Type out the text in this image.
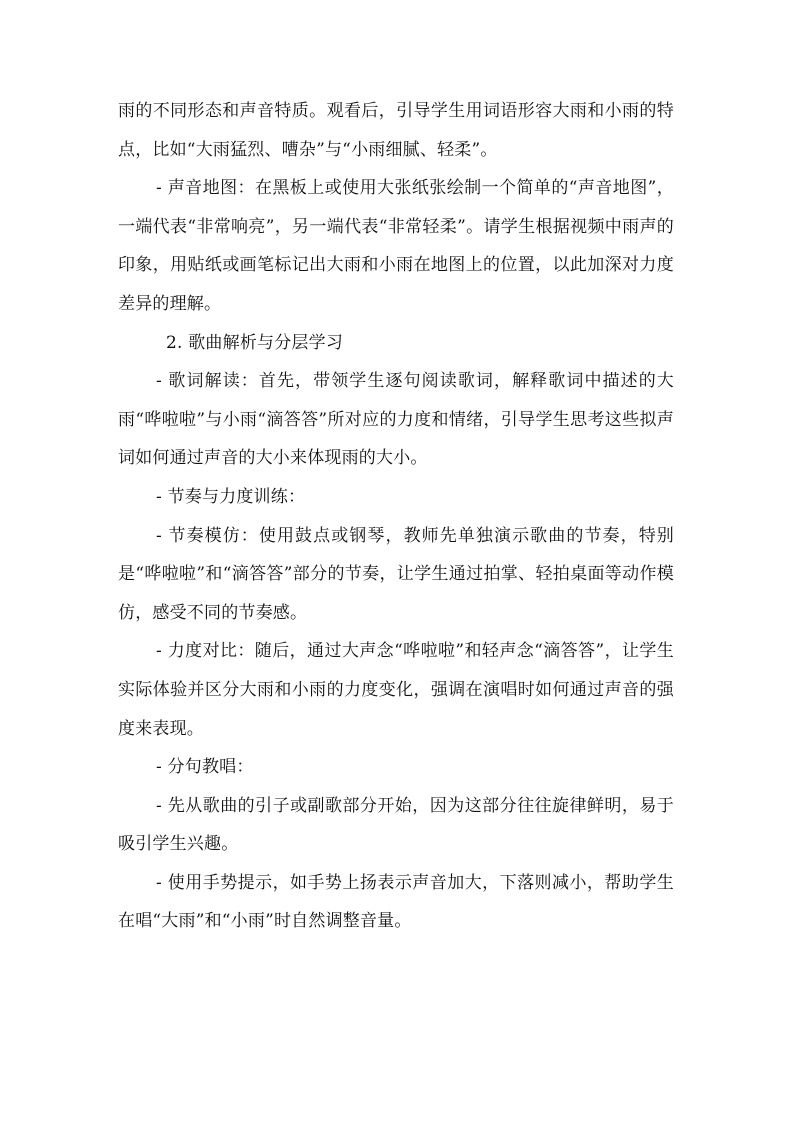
雨的不同形态和声音特质。观看后，引导学生用词语形容大雨和小雨的特点，比如“大雨猛烈、嘈杂”与“小雨细腻、轻柔”。

- 声音地图：在黑板上或使用大张纸张绘制一个简单的“声音地图”，一端代表“非常响亮”，另一端代表“非常轻柔”。请学生根据视频中雨声的印象，用贴纸或画笔标记出大雨和小雨在地图上的位置，以此加深对力度差异的理解。

2. 歌曲解析与分层学习

- 歌词解读：首先，带领学生逐句阅读歌词，解释歌词中描述的大雨“哗啦啦”与小雨“滴答答”所对应的力度和情绪，引导学生思考这些拟声词如何通过声音的大小来体现雨的大小。

- 节奏与力度训练：

- 节奏模仿：使用鼓点或钢琴，教师先单独演示歌曲的节奏，特别是“哗啦啦”和“滴答答”部分的节奏，让学生通过拍掌、轻拍桌面等动作模仿，感受不同的节奏感。

- 力度对比：随后，通过大声念“哗啦啦”和轻声念“滴答答”，让学生实际体验并区分大雨和小雨的力度变化，强调在演唱时如何通过声音的强度来表现。

- 分句教唱：

- 先从歌曲的引子或副歌部分开始，因为这部分往往旋律鲜明，易于吸引学生兴趣。

- 使用手势提示，如手势上扬表示声音加大，下落则减小，帮助学生在唱“大雨”和“小雨”时自然调整音量。
